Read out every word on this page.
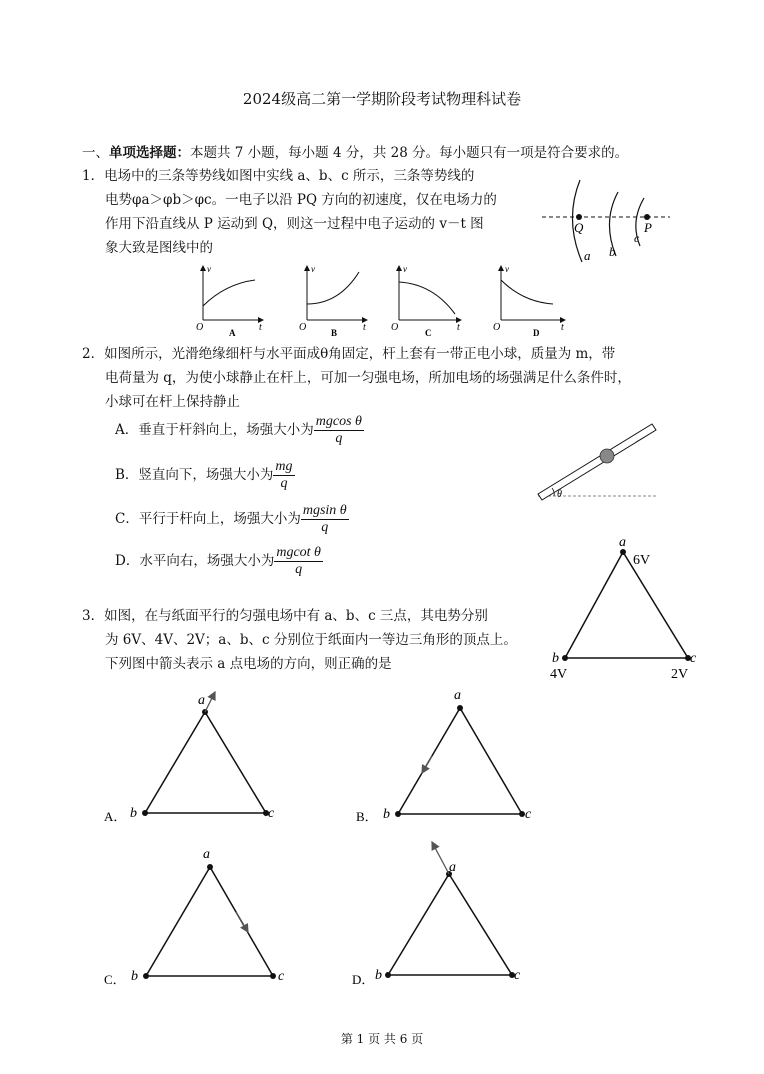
2024级高二第一学期阶段考试物理科试卷
一、单项选择题：本题共 7 小题，每小题 4 分，共 28 分。每小题只有一项是符合要求的。
1．电场中的三条等势线如图中实线 a、b、c 所示，三条等势线的
电势φa＞φb＞φc。一电子以沿 PQ 方向的初速度，仅在电场力的
作用下沿直线从 P 运动到 Q，则这一过程中电子运动的 v－t 图
象大致是图线中的
Q	P
a b
c
v
t
O	A
v
t
O	B
v
t
O	C
v
t
O	D
2．如图所示，光滑绝缘细杆与水平面成θ角固定，杆上套有一带正电小球，质量为 m，带
电荷量为 q，为使小球静止在杆上，可加一匀强电场，所加电场的场强满足什么条件时，
小球可在杆上保持静止
A．垂直于杆斜向上，场强大小为 $\frac{\text{mgcos θ}}{q}$
B．竖直向下，场强大小为 $\frac{mg}{q}$
C．平行于杆向上，场强大小为 $\frac{\text{mgsin θ}}{q}$
D．水平向右，场强大小为 $\frac{\text{mgcot θ}}{q}$
θ
a
6V
b
4V
c
2V
3．如图，在与纸面平行的匀强电场中有 a、b、c 三点，其电势分别
为 6V、4V、2V；a、b、c 分别位于纸面内一等边三角形的顶点上。
下列图中箭头表示 a 点电场的方向，则正确的是
a
b	c
A．
a
b	c
B．
a
b	c
C．
a
b	c
D．
第 1 页 共 6 页
